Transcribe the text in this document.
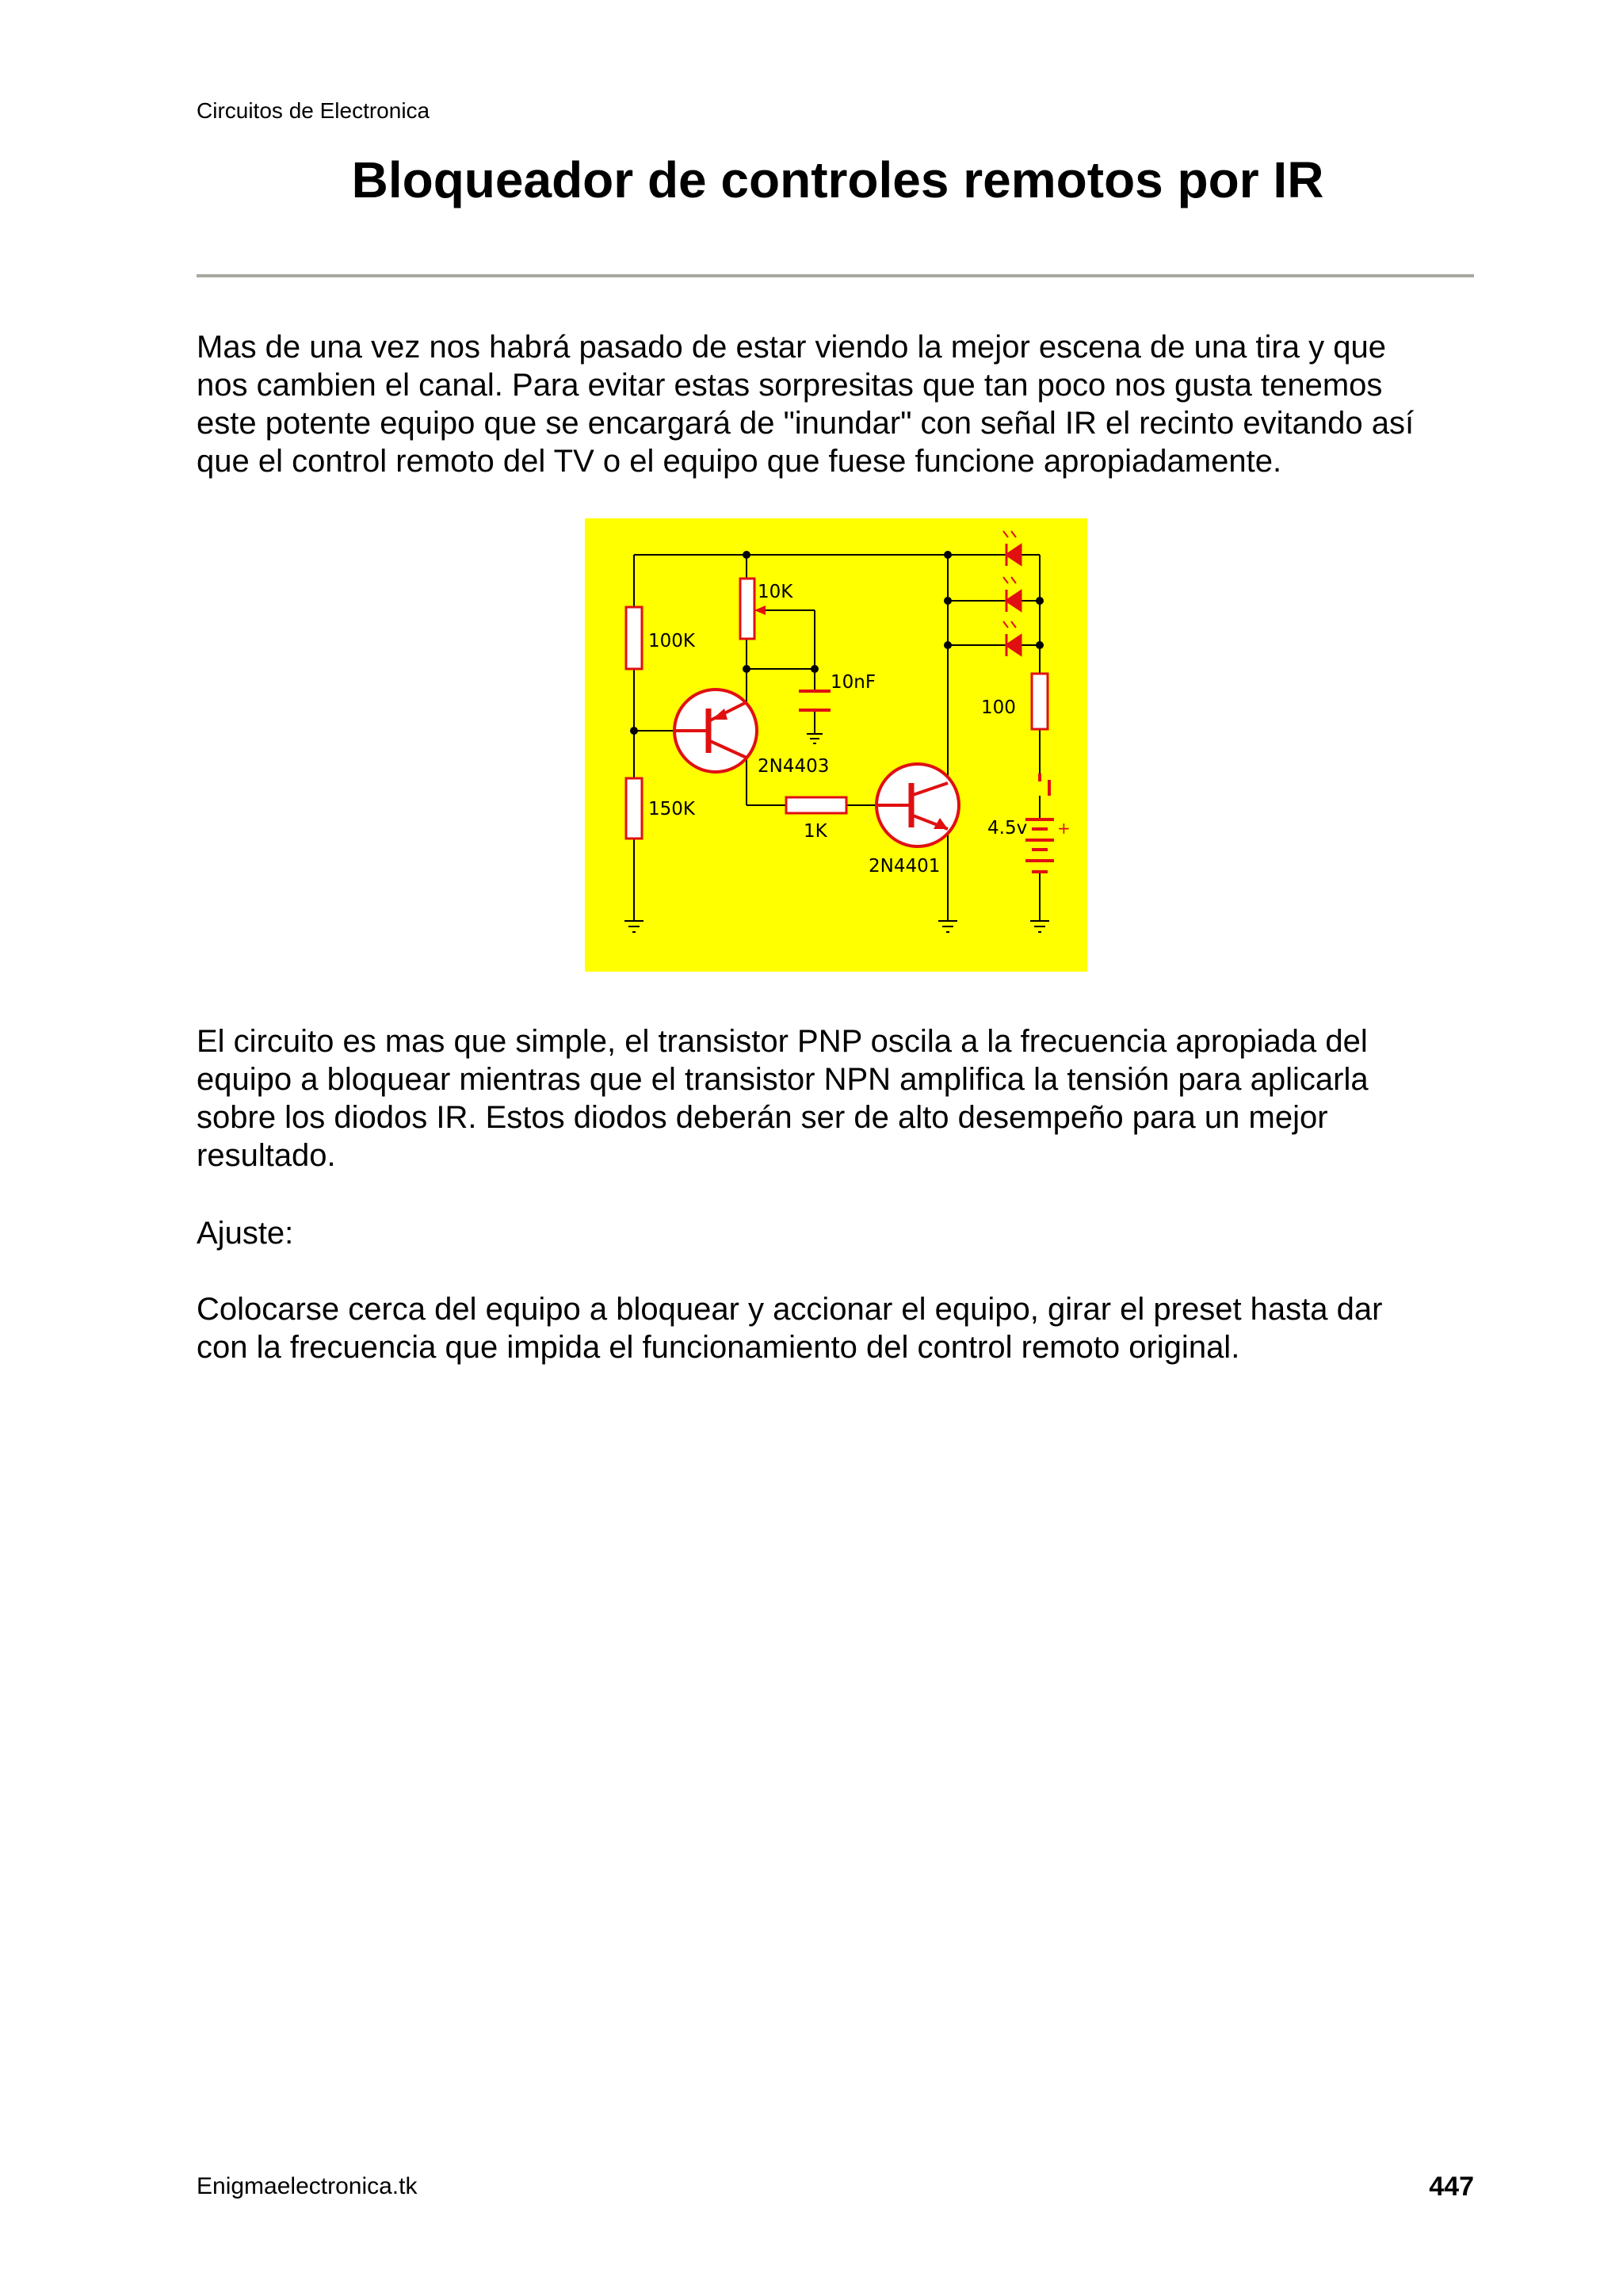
Circuitos de Electronica
Bloqueador de controles remotos por IR

Mas de una vez nos habrá pasado de estar viendo la mejor escena de una tira y que
nos cambien el canal. Para evitar estas sorpresitas que tan poco nos gusta tenemos
este potente equipo que se encargará de "inundar" con señal IR el recinto evitando así
que el control remoto del TV o el equipo que fuese funcione apropiadamente.

100K
10K
10nF
2N4403
150K
1K
2N4401
100
4.5v +

El circuito es mas que simple, el transistor PNP oscila a la frecuencia apropiada del
equipo a bloquear mientras que el transistor NPN amplifica la tensión para aplicarla
sobre los diodos IR. Estos diodos deberán ser de alto desempeño para un mejor
resultado.

Ajuste:

Colocarse cerca del equipo a bloquear y accionar el equipo, girar el preset hasta dar
con la frecuencia que impida el funcionamiento del control remoto original.

Enigmaelectronica.tk	447
